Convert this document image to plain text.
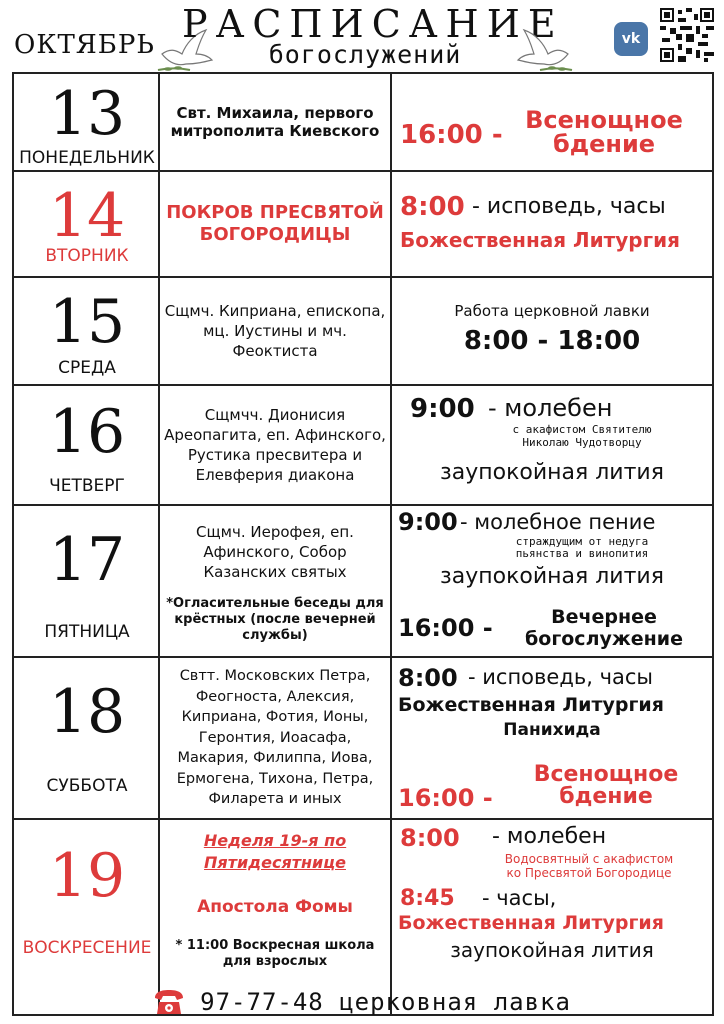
ОКТЯБРЬ РАСПИСАНИЕ
богослужений
vk
13
ПОНЕДЕЛЬНИК
Свт. Михаила, первого митрополита Киевского 16:00 - Всенощное бдение
14
ВТОРНИК
ПОКРОВ ПРЕСВЯТОЙ БОГОРОДИЦЫ
8:00 - исповедь, часы
Божественная Литургия
15
СРЕДА
Сщмч. Киприана, епископа, мц. Иустины и мч. Феоктиста
Работа церковной лавки
8:00 - 18:00
16
ЧЕТВЕРГ
Сщмчч. Дионисия Ареопагита, еп. Афинского, Рустика пресвитера и Елевферия диакона
9:00 - молебен
с акафистом Святителю
Николаю Чудотворцу
заупокойная лития
17
ПЯТНИЦА
Сщмч. Иерофея, еп. Афинского, Собор Казанских святых
*Огласительные беседы для крёстных (после вечерней службы)
9:00 - молебное пение
страждущим от недуга
пьянства и винопития
заупокойная лития
16:00 -	Вечернее
богослужение
18
СУББОТА
Свтт. Московских Петра, Феогноста, Алексия, Киприана, Фотия, Ионы, Геронтия, Иоасафа, Макария, Филиппа, Иова, Ермогена, Тихона, Петра, Филарета и иных
8:00 - исповедь, часы
Божественная Литургия
Панихида
16:00 -
Всенощное бдение
19
ВОСКРЕСЕНИЕ
Неделя 19-я по
Пятидесятнице
Апостола Фомы
* 11:00 Воскресная школа для взрослых
8:00 - молебен
Водосвятный с акафистом
ко Пресвятой Богородице
8:45 - часы,
Божественная Литургия
заупокойная лития
97-77-48 церковная лавка
